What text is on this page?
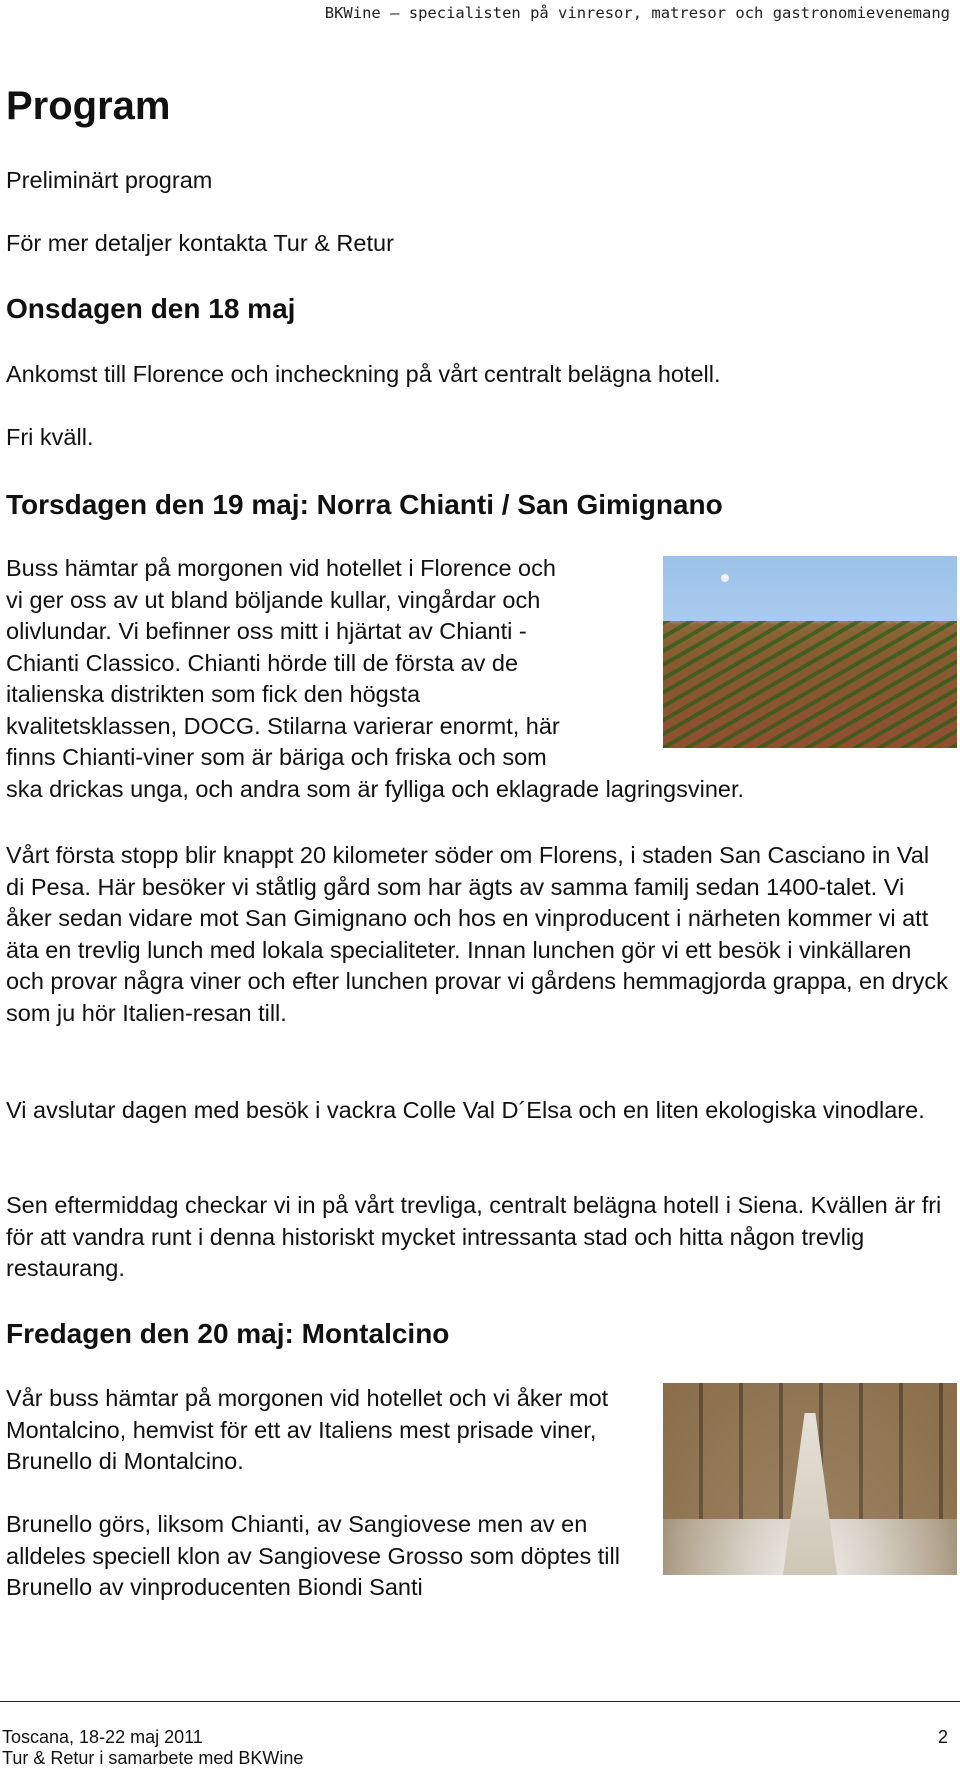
BKWine – specialisten på vinresor, matresor och gastronomievenemang
Program

Preliminärt program

För mer detaljer kontakta Tur & Retur

Onsdagen den 18 maj

Ankomst till Florence och incheckning på vårt centralt belägna hotell.

Fri kväll.

Torsdagen den 19 maj: Norra Chianti / San Gimignano
Buss hämtar på morgonen vid hotellet i Florence och
vi ger oss av ut bland böljande kullar, vingårdar och
olivlundar. Vi befinner oss mitt i hjärtat av Chianti -
Chianti Classico. Chianti hörde till de första av de
italienska distrikten som fick den högsta
kvalitetsklassen, DOCG. Stilarna varierar enormt, här
finns Chianti-viner som är bäriga och friska och som
ska drickas unga, och andra som är fylliga och eklagrade lagringsviner.

Vårt första stopp blir knappt 20 kilometer söder om Florens, i staden San Casciano in Val di Pesa. Här besöker vi ståtlig gård som har ägts av samma familj sedan 1400-talet. Vi åker sedan vidare mot San Gimignano och hos en vinproducent i närheten kommer vi att äta en trevlig lunch med lokala specialiteter. Innan lunchen gör vi ett besök i vinkällaren och provar några viner och efter lunchen provar vi gårdens hemmagjorda grappa, en dryck som ju hör Italien-resan till.

Vi avslutar dagen med besök i vackra Colle Val D´Elsa och en liten ekologiska vinodlare.

Sen eftermiddag checkar vi in på vårt trevliga, centralt belägna hotell i Siena. Kvällen är fri för att vandra runt i denna historiskt mycket intressanta stad och hitta någon trevlig restaurang.

Fredagen den 20 maj: Montalcino

Vår buss hämtar på morgonen vid hotellet och vi åker mot Montalcino, hemvist för ett av Italiens mest prisade viner, Brunello di Montalcino.

Brunello görs, liksom Chianti, av Sangiovese men av en alldeles speciell klon av Sangiovese Grosso som döptes till Brunello av vinproducenten Biondi Santi

Toscana, 18-22 maj 2011
Tur & Retur i samarbete med BKWine
2
